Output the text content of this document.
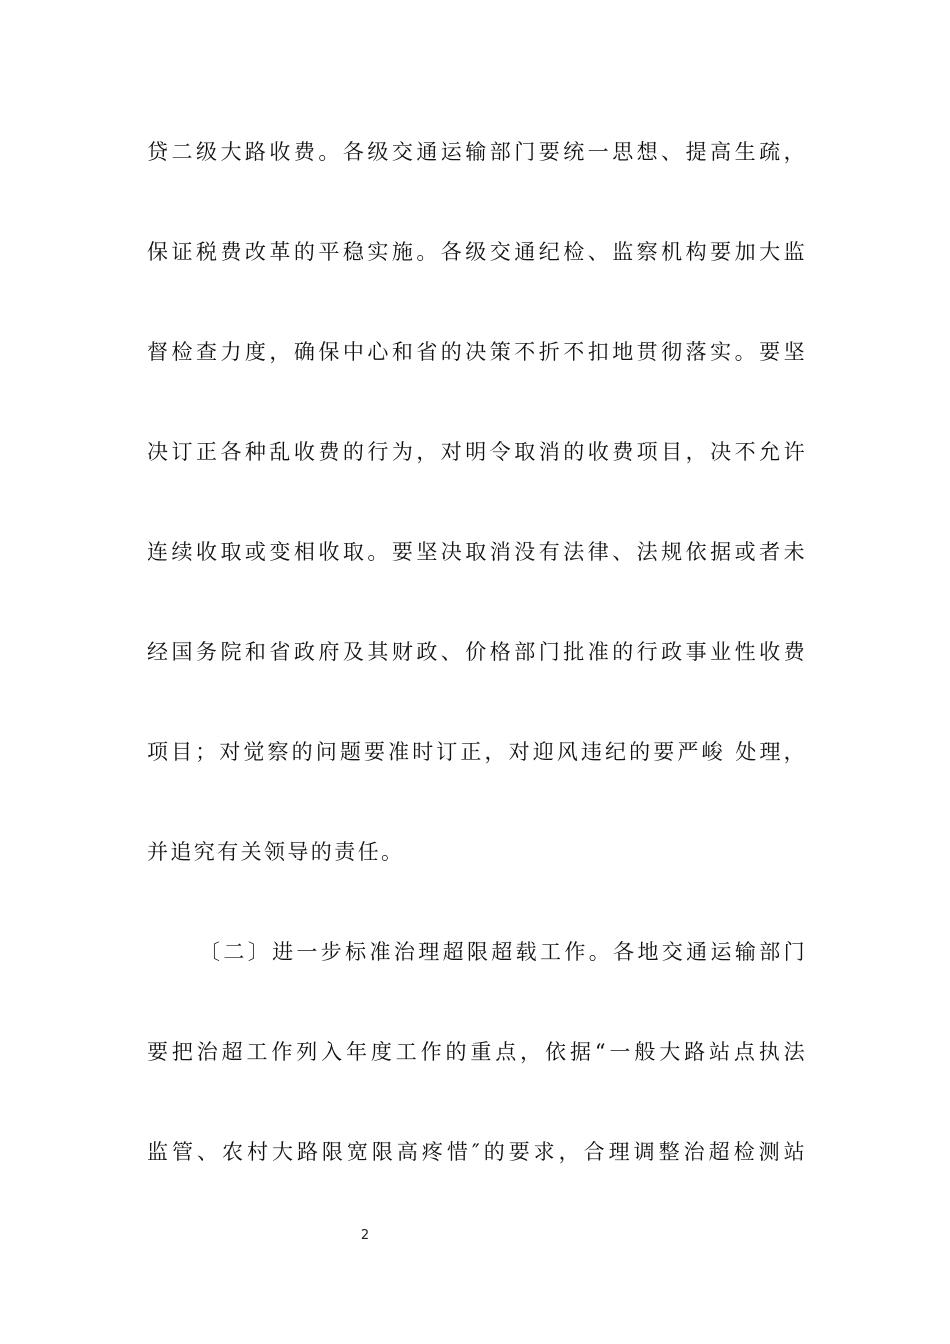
贷二级大路收费。各级交通运输部门要统一思想、提高生疏，
保证税费改革的平稳实施。各级交通纪检、监察机构要加大监
督检查力度，确保中心和省的决策不折不扣地贯彻落实。要坚
决订正各种乱收费的行为，对明令取消的收费项目，决不允许
连续收取或变相收取。要坚决取消没有法律、法规依据或者未
经国务院和省政府及其财政、价格部门批准的行政事业性收费
项目；对觉察的问题要准时订正，对迎风违纪的要严峻 处理，
并追究有关领导的责任。
〔二〕进一步标准治理超限超载工作。各地交通运输部门
要把治超工作列入年度工作的重点，依据“一般大路站点执法
监管、农村大路限宽限高疼惜″的要求，合理调整治超检测站
2
